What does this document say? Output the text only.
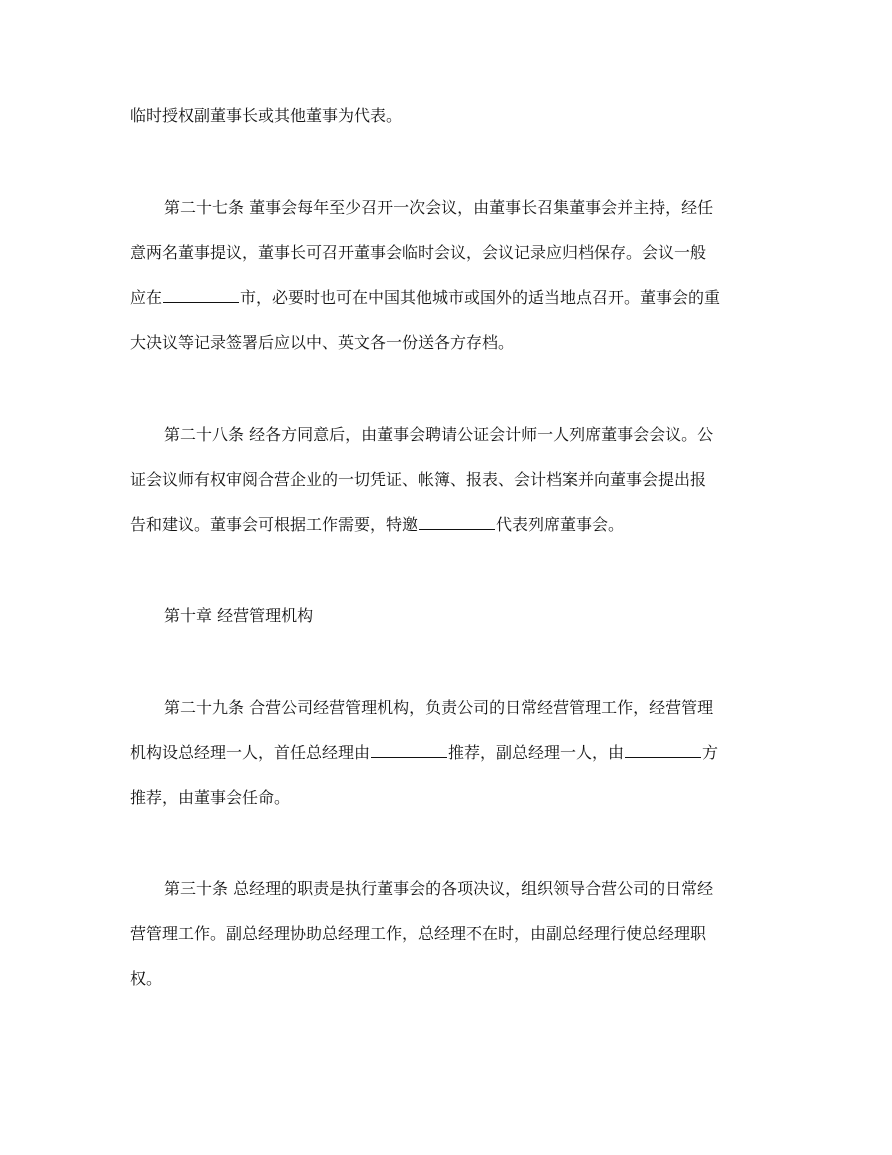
临时授权副董事长或其他董事为代表。
第二十七条 董事会每年至少召开一次会议，由董事长召集董事会并主持，经任
意两名董事提议，董事长可召开董事会临时会议，会议记录应归档保存。会议一般
应在	市，必要时也可在中国其他城市或国外的适当地点召开。董事会的重
大决议等记录签署后应以中、英文各一份送各方存档。
第二十八条 经各方同意后，由董事会聘请公证会计师一人列席董事会会议。公
证会议师有权审阅合营企业的一切凭证、帐簿、报表、会计档案并向董事会提出报
告和建议。董事会可根据工作需要，特邀	代表列席董事会。
第十章 经营管理机构
第二十九条 合营公司经营管理机构，负责公司的日常经营管理工作，经营管理
机构设总经理一人，首任总经理由	推荐，副总经理一人，由	方
推荐，由董事会任命。
第三十条 总经理的职责是执行董事会的各项决议，组织领导合营公司的日常经
营管理工作。副总经理协助总经理工作，总经理不在时，由副总经理行使总经理职
权。
